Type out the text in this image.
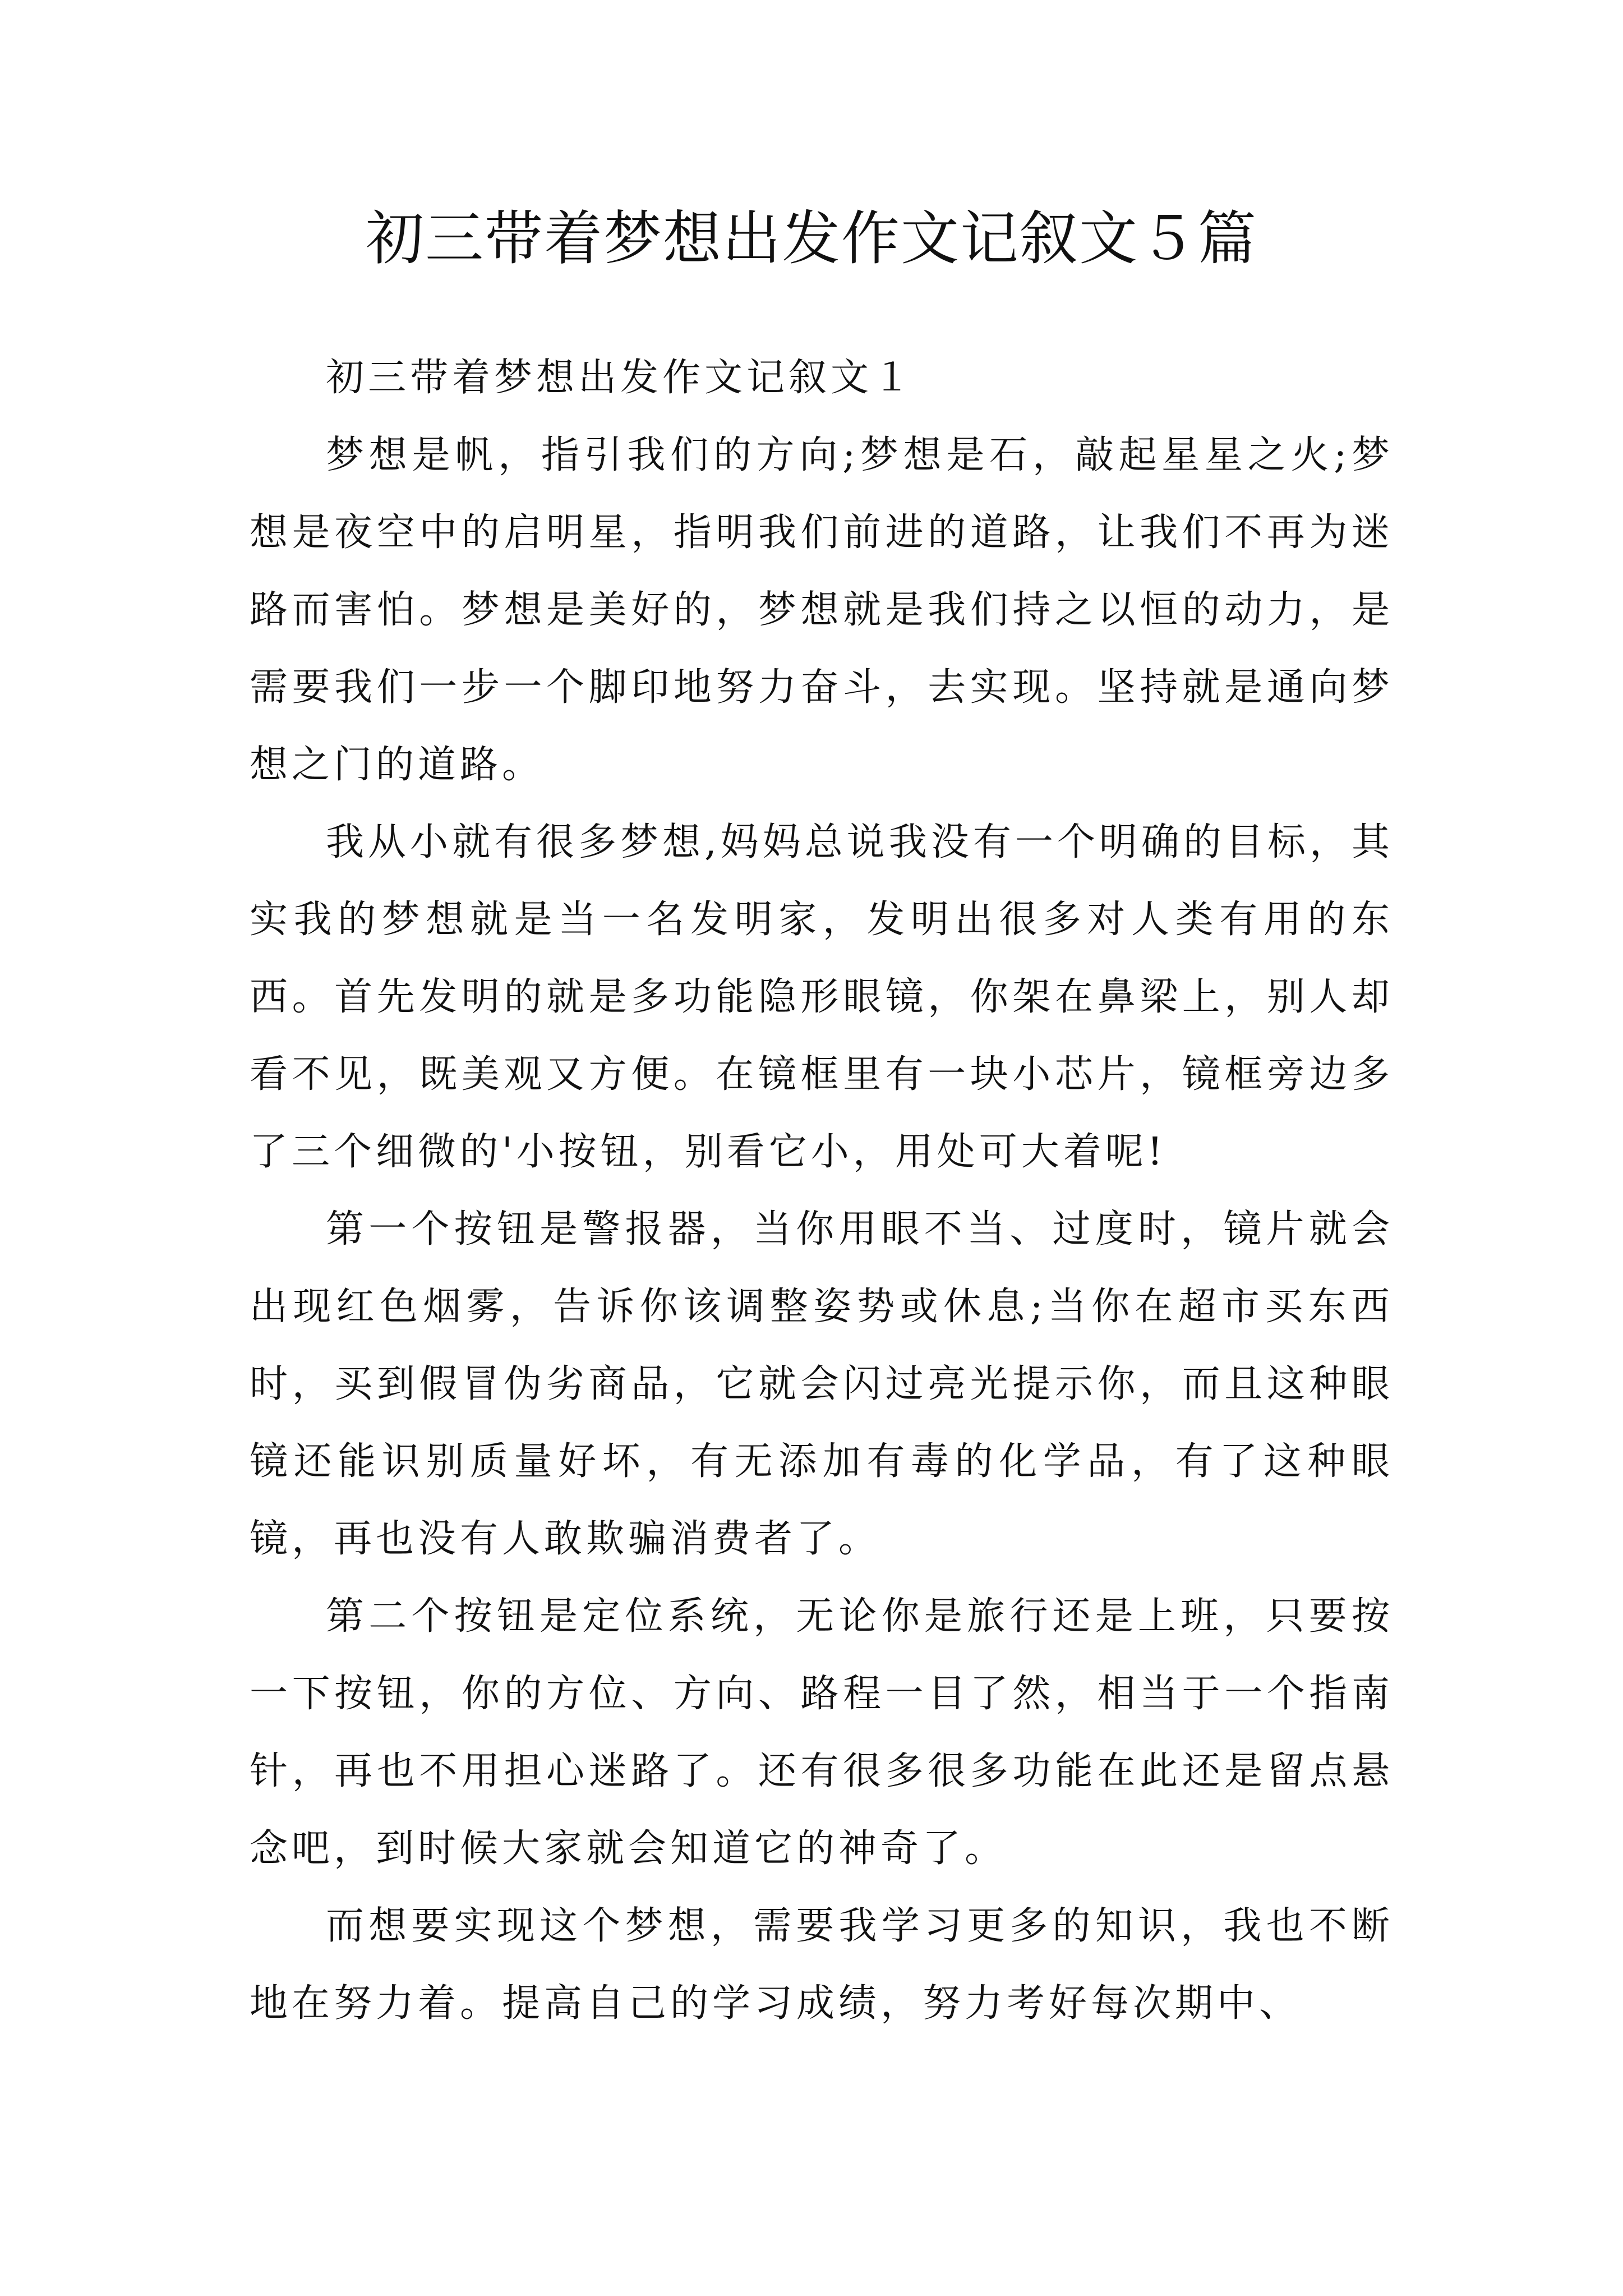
初三带着梦想出发作文记叙文５篇

初三带着梦想出发作文记叙文１

梦想是帆，指引我们的方向;梦想是石，敲起星星之火;梦想是夜空中的启明星，指明我们前进的道路，让我们不再为迷路而害怕。梦想是美好的，梦想就是我们持之以恒的动力，是需要我们一步一个脚印地努力奋斗，去实现。坚持就是通向梦想之门的道路。

我从小就有很多梦想,妈妈总说我没有一个明确的目标，其实我的梦想就是当一名发明家，发明出很多对人类有用的东西。首先发明的就是多功能隐形眼镜，你架在鼻梁上，别人却看不见，既美观又方便。在镜框里有一块小芯片，镜框旁边多了三个细微的'小按钮，别看它小，用处可大着呢!

第一个按钮是警报器，当你用眼不当、过度时，镜片就会出现红色烟雾，告诉你该调整姿势或休息;当你在超市买东西时，买到假冒伪劣商品，它就会闪过亮光提示你，而且这种眼镜还能识别质量好坏，有无添加有毒的化学品，有了这种眼镜，再也没有人敢欺骗消费者了。

第二个按钮是定位系统，无论你是旅行还是上班，只要按一下按钮，你的方位、方向、路程一目了然，相当于一个指南针，再也不用担心迷路了。还有很多很多功能在此还是留点悬念吧，到时候大家就会知道它的神奇了。

而想要实现这个梦想，需要我学习更多的知识，我也不断地在努力着。提高自己的学习成绩，努力考好每次期中、
